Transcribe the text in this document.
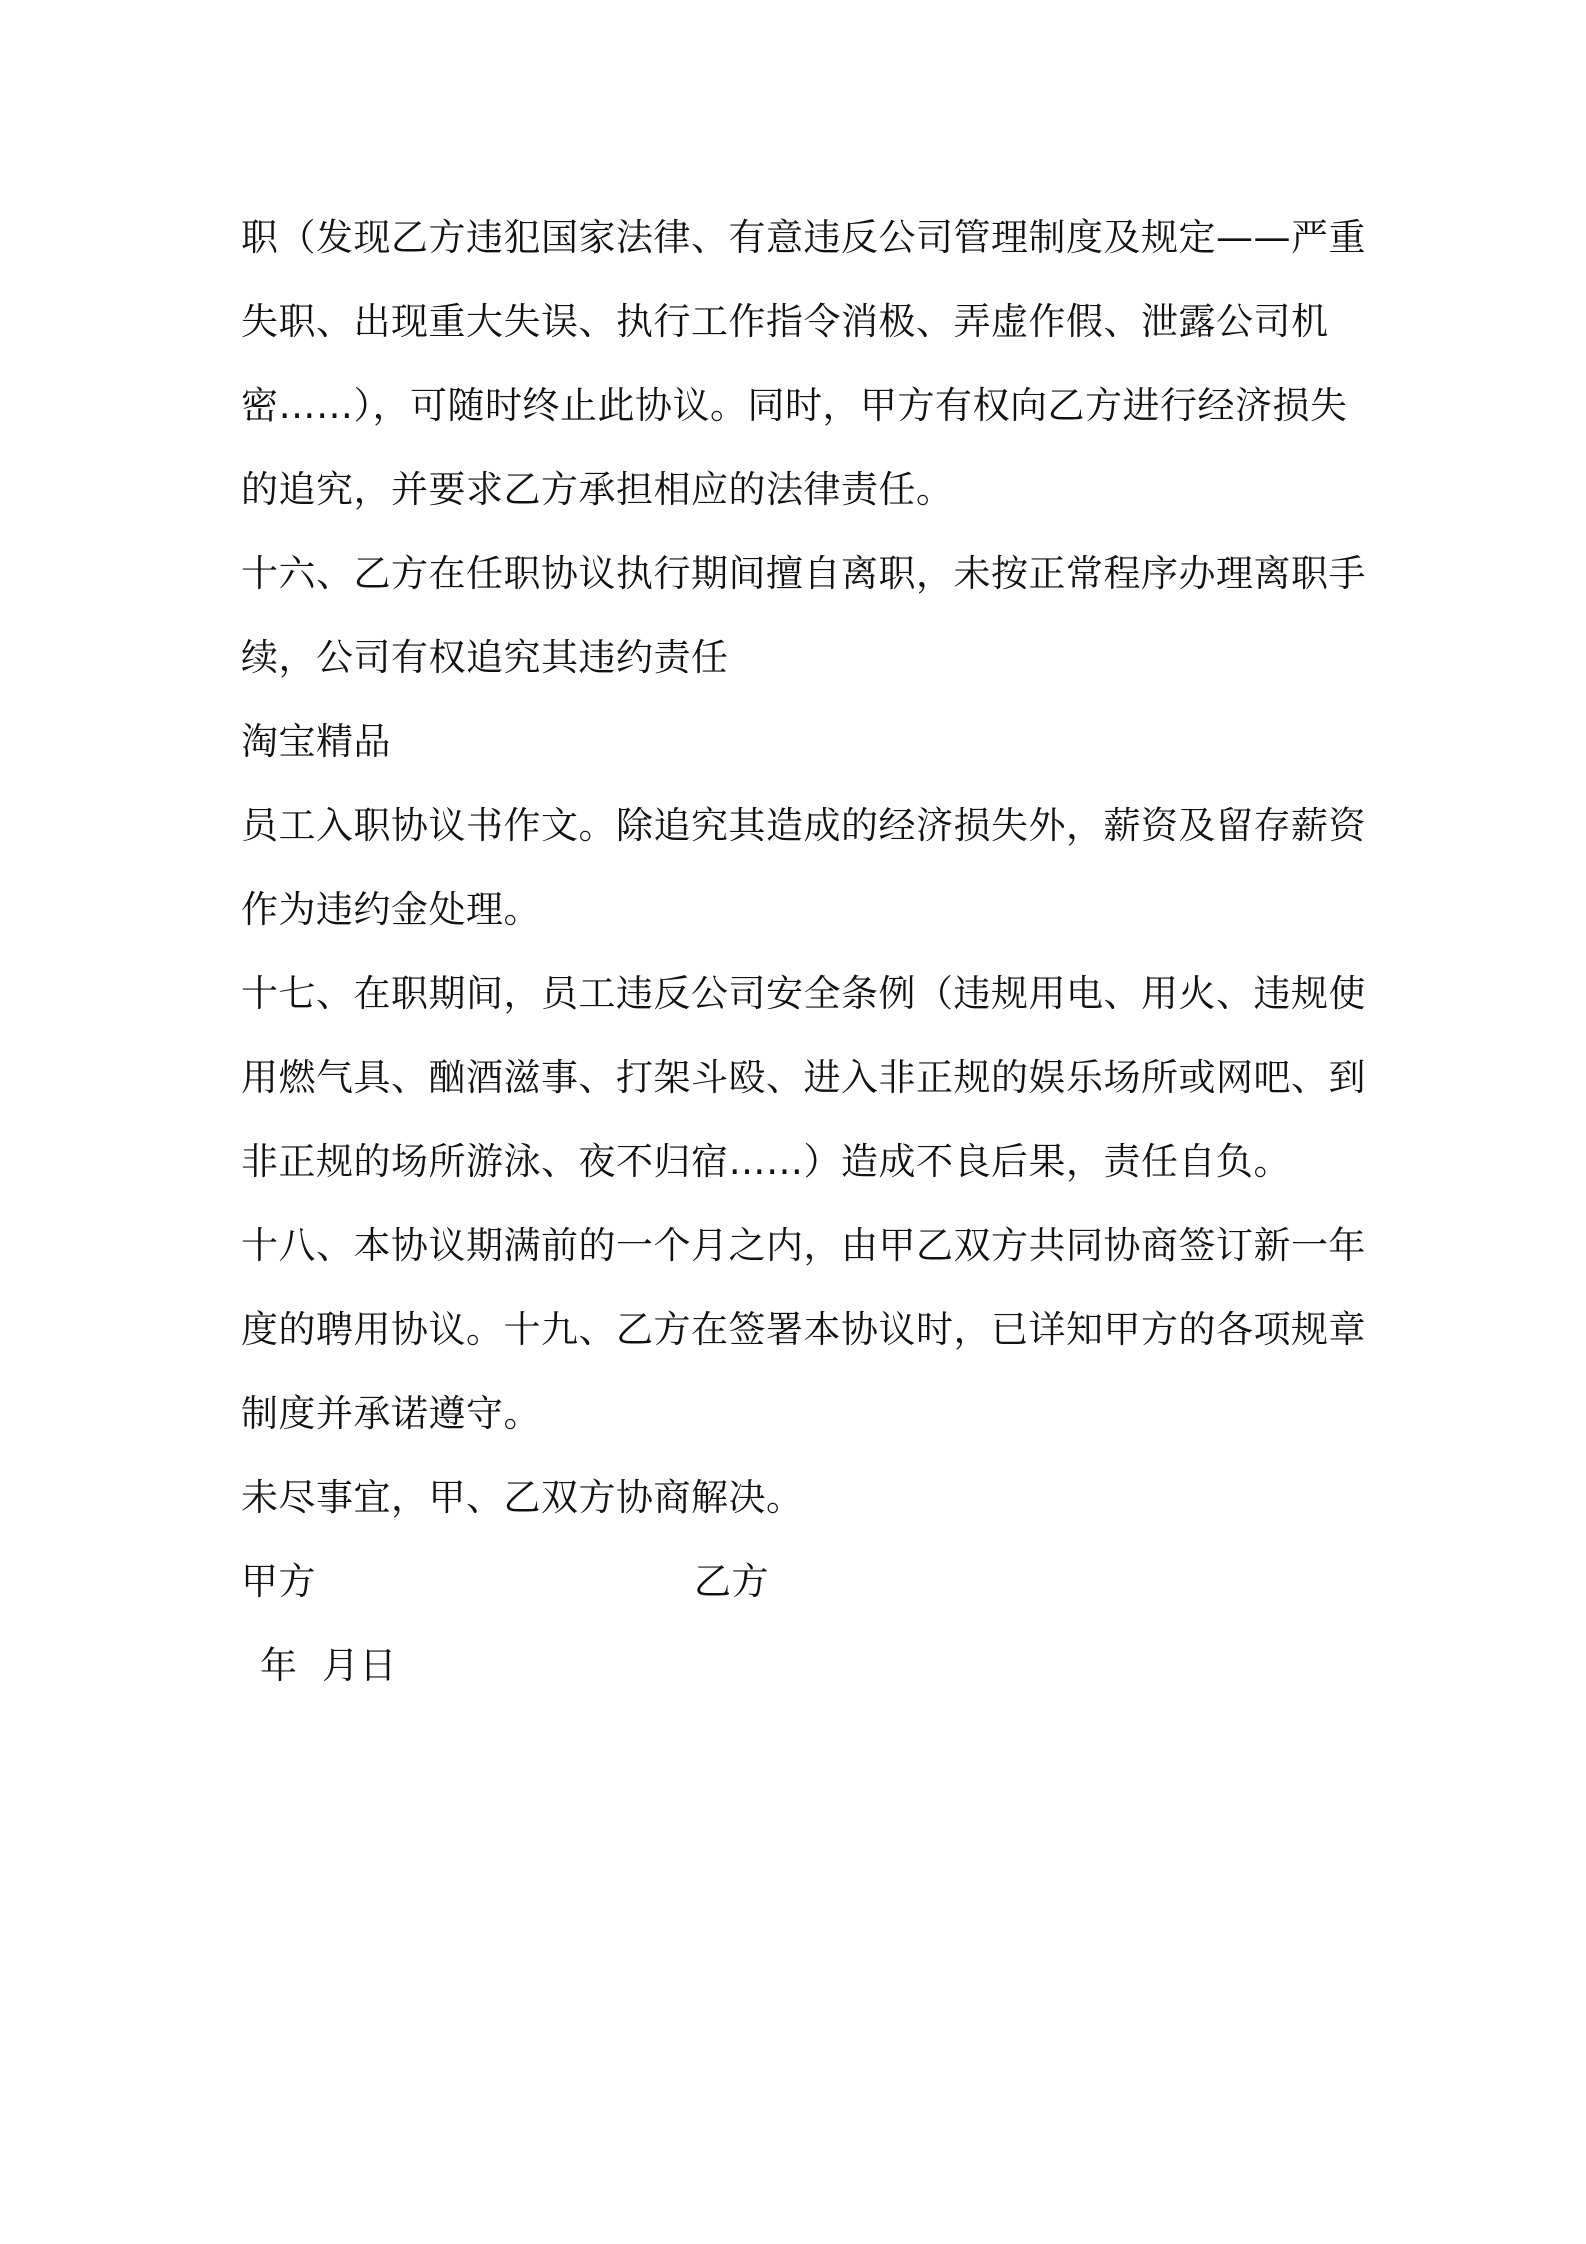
职（发现乙方违犯国家法律、有意违反公司管理制度及规定——严重
失职、出现重大失误、执行工作指令消极、弄虚作假、泄露公司机
密……），可随时终止此协议。同时，甲方有权向乙方进行经济损失
的追究，并要求乙方承担相应的法律责任。
十六、乙方在任职协议执行期间擅自离职，未按正常程序办理离职手
续，公司有权追究其违约责任
淘宝精品
员工入职协议书作文。除追究其造成的经济损失外，薪资及留存薪资
作为违约金处理。
十七、在职期间，员工违反公司安全条例（违规用电、用火、违规使
用燃气具、酗酒滋事、打架斗殴、进入非正规的娱乐场所或网吧、到
非正规的场所游泳、夜不归宿……）造成不良后果，责任自负。
十八、本协议期满前的一个月之内，由甲乙双方共同协商签订新一年
度的聘用协议。十九、乙方在签署本协议时，已详知甲方的各项规章
制度并承诺遵守。
未尽事宜，甲、乙双方协商解决。
甲方	乙方
年  月日
